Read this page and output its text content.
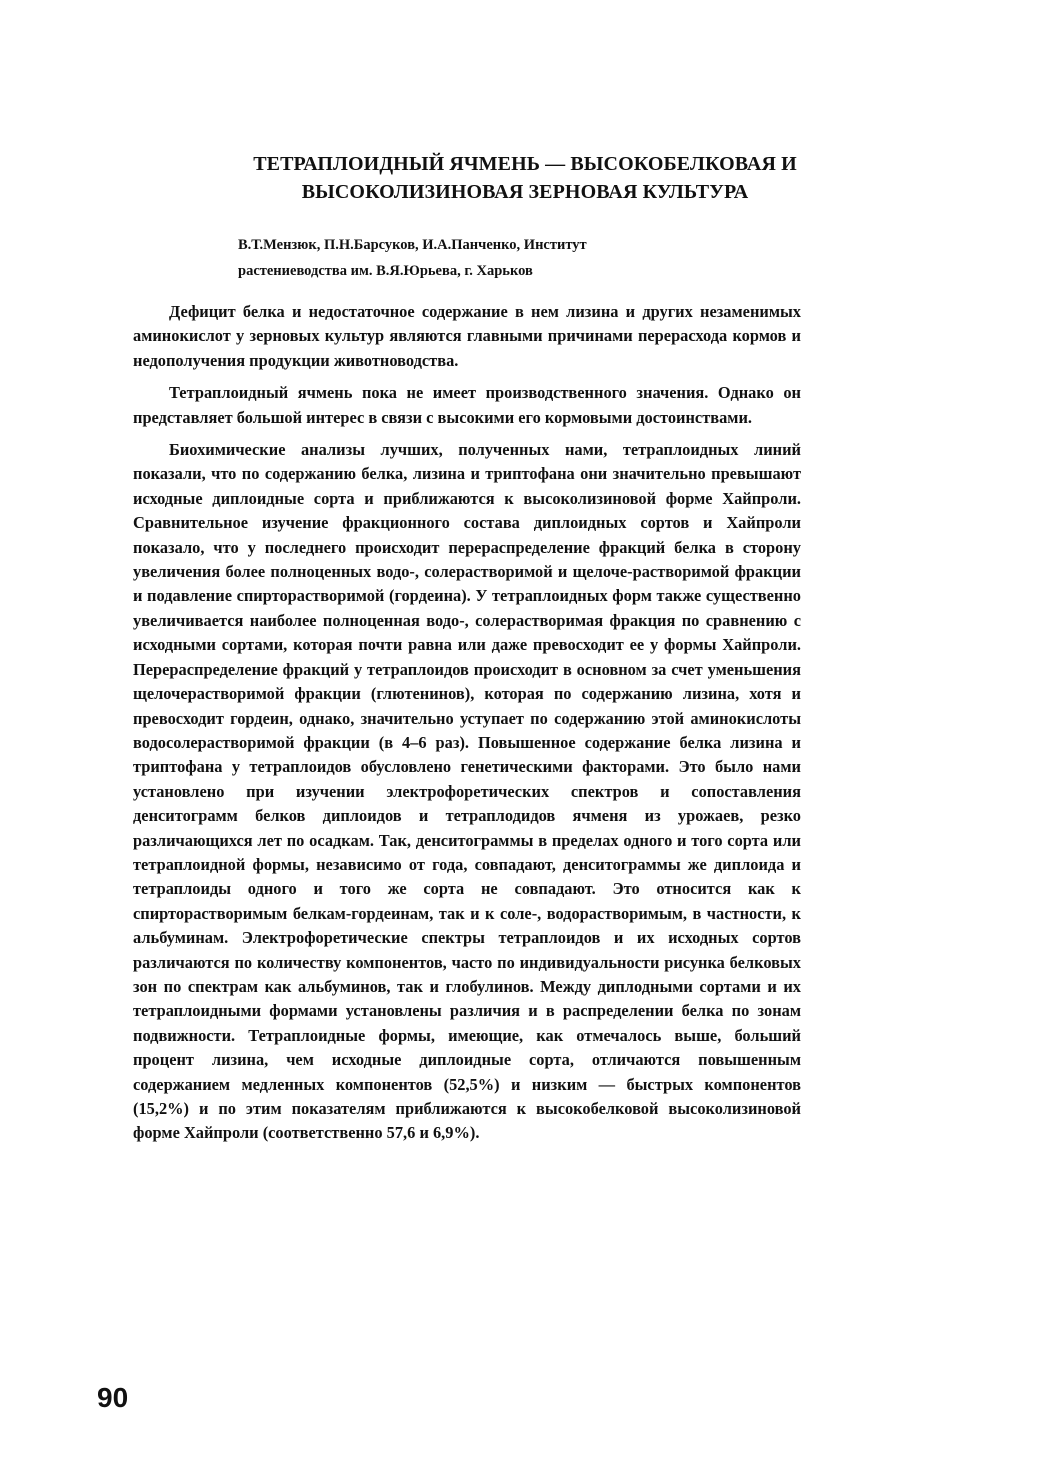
ТЕТРАПЛОИДНЫЙ ЯЧМЕНЬ — ВЫСОКОБЕЛКОВАЯ И
ВЫСОКОЛИЗИНОВАЯ ЗЕРНОВАЯ КУЛЬТУРА

В.Т.Мензюк, П.Н.Барсуков, И.А.Панченко, Институт
растениеводства им. В.Я.Юрьева, г. Харьков

Дефицит белка и недостаточное содержание в нем лизина и других незаменимых аминокислот у зерновых культур являются главными причинами перерасхода кормов и недополучения продукции животноводства.

Тетраплоидный ячмень пока не имеет производственного значения. Однако он представляет большой интерес в связи с высокими его кормовыми достоинствами.

Биохимические анализы лучших, полученных нами, тетраплоидных линий показали, что по содержанию белка, лизина и триптофана они значительно превышают исходные диплоидные сорта и приближаются к высоколизиновой форме Хайпроли. Сравнительное изучение фракционного состава диплоидных сортов и Хайпроли показало, что у последнего происходит перераспределение фракций белка в сторону увеличения более полноценных водо-, солерастворимой и щелоче-растворимой фракции и подавление спирторастворимой (гордеина). У тетраплоидных форм также существенно увеличивается наиболее полноценная водо-, солерастворимая фракция по сравнению с исходными сортами, которая почти равна или даже превосходит ее у формы Хайпроли. Перераспределение фракций у тетраплоидов происходит в основном за счет уменьшения щелочерастворимой фракции (глютенинов), которая по содержанию лизина, хотя и превосходит гордеин, однако, значительно уступает по содержанию этой аминокислоты водосолерастворимой фракции (в 4–6 раз). Повышенное содержание белка лизина и триптофана у тетраплоидов обусловлено генетическими факторами. Это было нами установлено при изучении электрофоретических спектров и сопоставления денситограмм белков диплоидов и тетраплодидов ячменя из урожаев, резко различающихся лет по осадкам. Так, денситограммы в пределах одного и того сорта или тетраплоидной формы, независимо от года, совпадают, денситограммы же диплоида и тетраплоиды одного и того же сорта не совпадают. Это относится как к спирторастворимым белкам-гордеинам, так и к соле-, водорастворимым, в частности, к альбуминам. Электрофоретические спектры тетраплоидов и их исходных сортов различаются по количеству компонентов, часто по индивидуальности рисунка белковых зон по спектрам как альбуминов, так и глобулинов. Между диплодными сортами и их тетраплоидными формами установлены различия и в распределении белка по зонам подвижности. Тетраплоидные формы, имеющие, как отмечалось выше, больший процент лизина, чем исходные диплоидные сорта, отличаются повышенным содержанием медленных компонентов (52,5%) и низким — быстрых компонентов (15,2%) и по этим показателям приближаются к высокобелковой высоколизиновой форме Хайпроли (соответственно 57,6 и 6,9%).

90
